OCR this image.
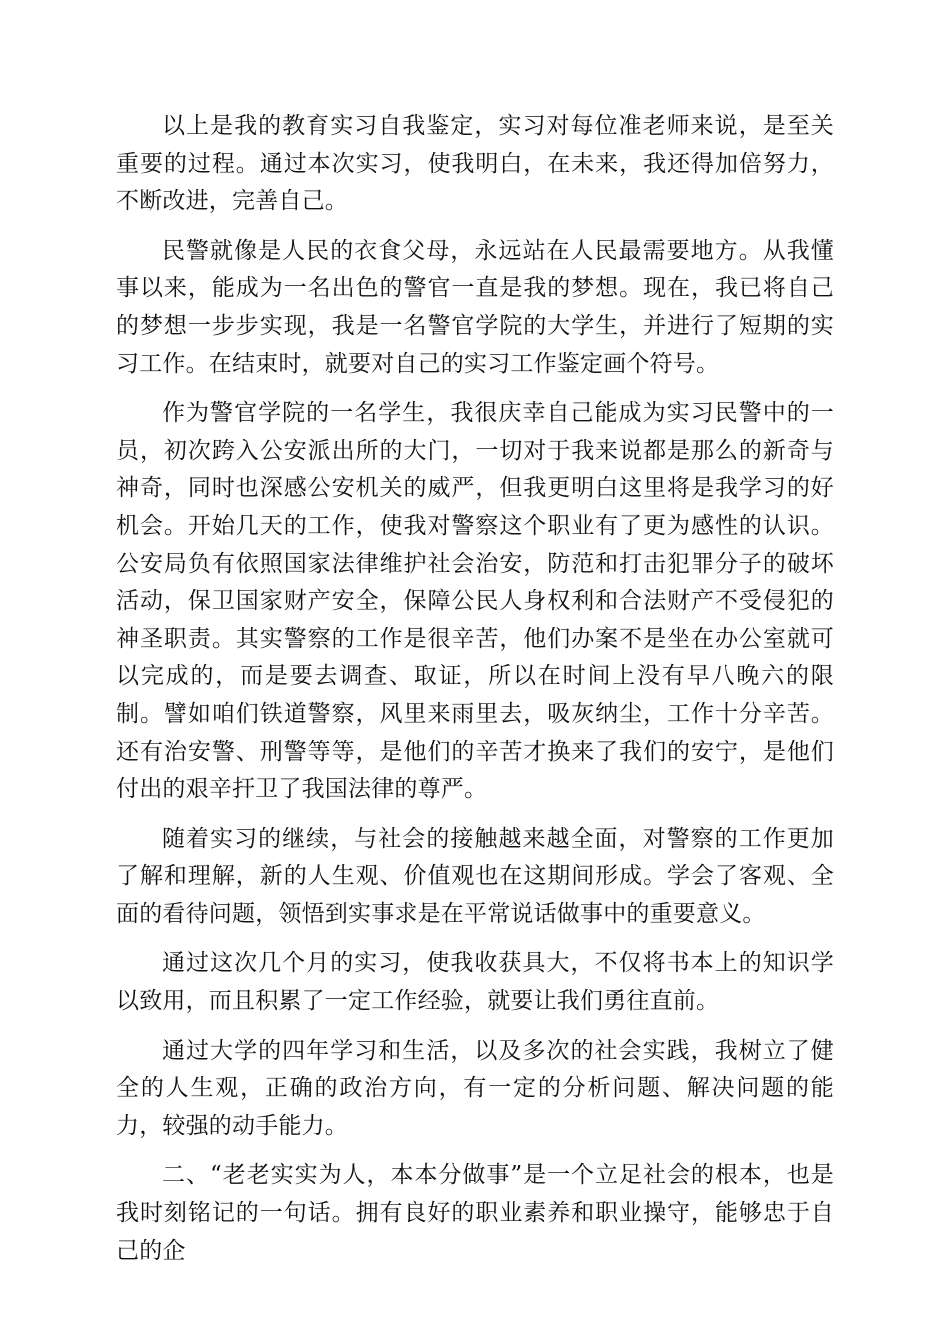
以上是我的教育实习自我鉴定，实习对每位准老师来说，是至关重要的过程。通过本次实习，使我明白，在未来，我还得加倍努力，不断改进，完善自己。

民警就像是人民的衣食父母，永远站在人民最需要地方。从我懂事以来，能成为一名出色的警官一直是我的梦想。现在，我已将自己的梦想一步步实现，我是一名警官学院的大学生，并进行了短期的实习工作。在结束时，就要对自己的实习工作鉴定画个符号。

作为警官学院的一名学生，我很庆幸自己能成为实习民警中的一员，初次跨入公安派出所的大门，一切对于我来说都是那么的新奇与神奇，同时也深感公安机关的威严，但我更明白这里将是我学习的好机会。开始几天的工作，使我对警察这个职业有了更为感性的认识。公安局负有依照国家法律维护社会治安，防范和打击犯罪分子的破坏活动，保卫国家财产安全，保障公民人身权利和合法财产不受侵犯的神圣职责。其实警察的工作是很辛苦，他们办案不是坐在办公室就可以完成的，而是要去调查、取证，所以在时间上没有早八晚六的限制。譬如咱们铁道警察，风里来雨里去，吸灰纳尘，工作十分辛苦。还有治安警、刑警等等，是他们的辛苦才换来了我们的安宁，是他们付出的艰辛扞卫了我国法律的尊严。

随着实习的继续，与社会的接触越来越全面，对警察的工作更加了解和理解，新的人生观、价值观也在这期间形成。学会了客观、全面的看待问题，领悟到实事求是在平常说话做事中的重要意义。

通过这次几个月的实习，使我收获具大，不仅将书本上的知识学以致用，而且积累了一定工作经验，就要让我们勇往直前。

通过大学的四年学习和生活，以及多次的社会实践，我树立了健全的人生观，正确的政治方向，有一定的分析问题、解决问题的能力，较强的动手能力。

二、“老老实实为人，本本分做事”是一个立足社会的根本，也是我时刻铭记的一句话。拥有良好的职业素养和职业操守，能够忠于自己的企
